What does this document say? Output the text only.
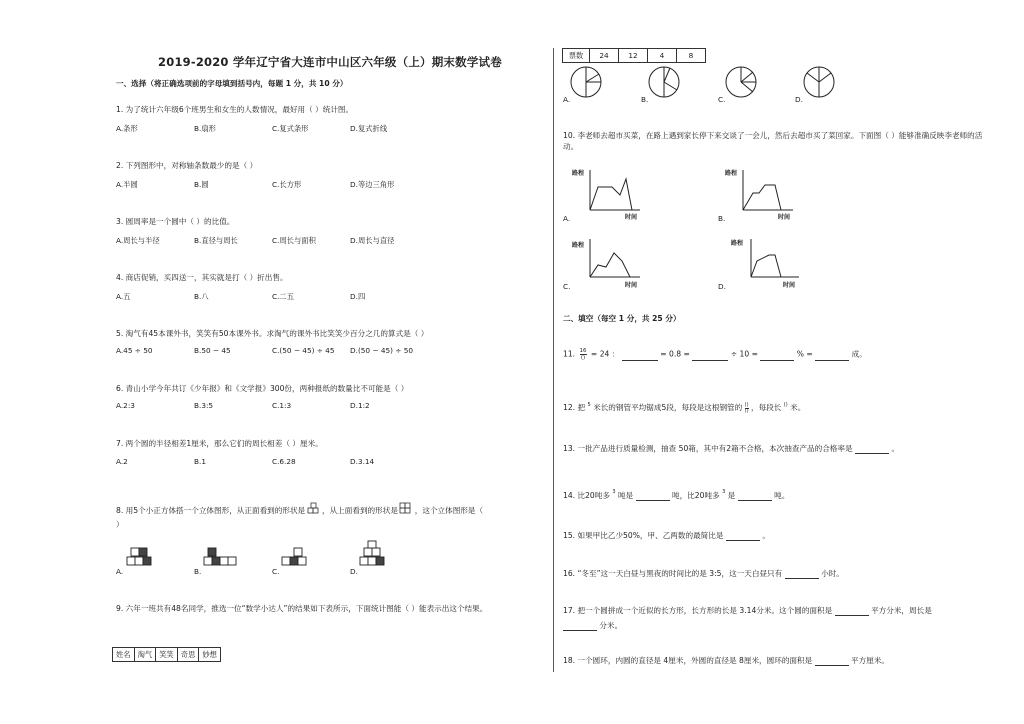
2019-2020 学年辽宁省大连市中山区六年级（上）期末数学试卷
一、选择（将正确选项前的字母填到括号内，每题 1 分，共 10 分）
1. 为了统计六年级6个班男生和女生的人数情况，最好用（ ）统计图。
A.条形	B.扇形	C.复式条形	D.复式折线
2. 下列图形中，对称轴条数最少的是（ ）
A.半圆	B.圆	C.长方形	D.等边三角形
3. 圆周率是一个圆中（ ）的比值。
A.周长与半径	B.直径与周长	C.周长与面积	D.周长与直径
4. 商店促销，买四送一，其实就是打（ ）折出售。
A.五	B.八	C.二五	D.四
5. 淘气有45本课外书，笑笑有50本课外书。求淘气的课外书比笑笑少百分之几的算式是（ ）
A.45 ÷ 50	B.50 − 45	C.(50 − 45) ÷ 45 D.(50 − 45) ÷ 50
6. 青山小学今年共订《少年报》和《文学报》300份，两种报纸的数量比不可能是（ ）
A.2:3	B.3:5	C.1:3	D.1:2
7. 两个圆的半径相差1厘米，那么它们的周长相差（ ）厘米。
A.2	B.1	C.6.28	D.3.14
8. 用5个小正方体搭一个立体图形，从正面看到的形状是 ，从上面看到的形状是 ，这个立体图形是（
）
A.	B.	C.	D.
9. 六年一班共有48名同学，推选一位“数学小达人”的结果如下表所示，下面统计图能（ ）能表示出这个结果。
姓名	淘气	笑笑	奇思	妙想
票数	24	12	4	8
A.	B.	C.	D.
10. 李老师去超市买菜，在路上遇到家长停下来交谈了一会儿，然后去超市买了菜回家。下面图（ ）能够准确反映李老师的活动。
路程
时间
路程
时间
路程
时间
路程
时间
A.	B.
C.	D.
二、填空（每空 1 分，共 25 分）
11. 16
() = 24 ：	= 0.8 =	÷ 10 =	% =	成。
12. 把 5 米长的钢管平均锯成5段，每段是这根钢管的 ()
() ，每段长 () 米。
13. 一批产品进行质量检测，抽查 50箱，其中有2箱不合格，本次抽查产品的合格率是	。
14. 比20吨多 3 吨是	吨，比20吨多 3 是	吨。
15. 如果甲比乙少50%，甲、乙两数的最简比是	。
16. “冬至”这一天白昼与黑夜的时间比的是 3:5，这一天白昼只有	小时。
17. 把一个圆拼成一个近似的长方形，长方形的长是 3.14分米。这个圆的面积是	平方分米，周长是
分米。
18. 一个圆环，内圆的直径是 4厘米，外圆的直径是 8厘米，圆环的面积是	平方厘米。
